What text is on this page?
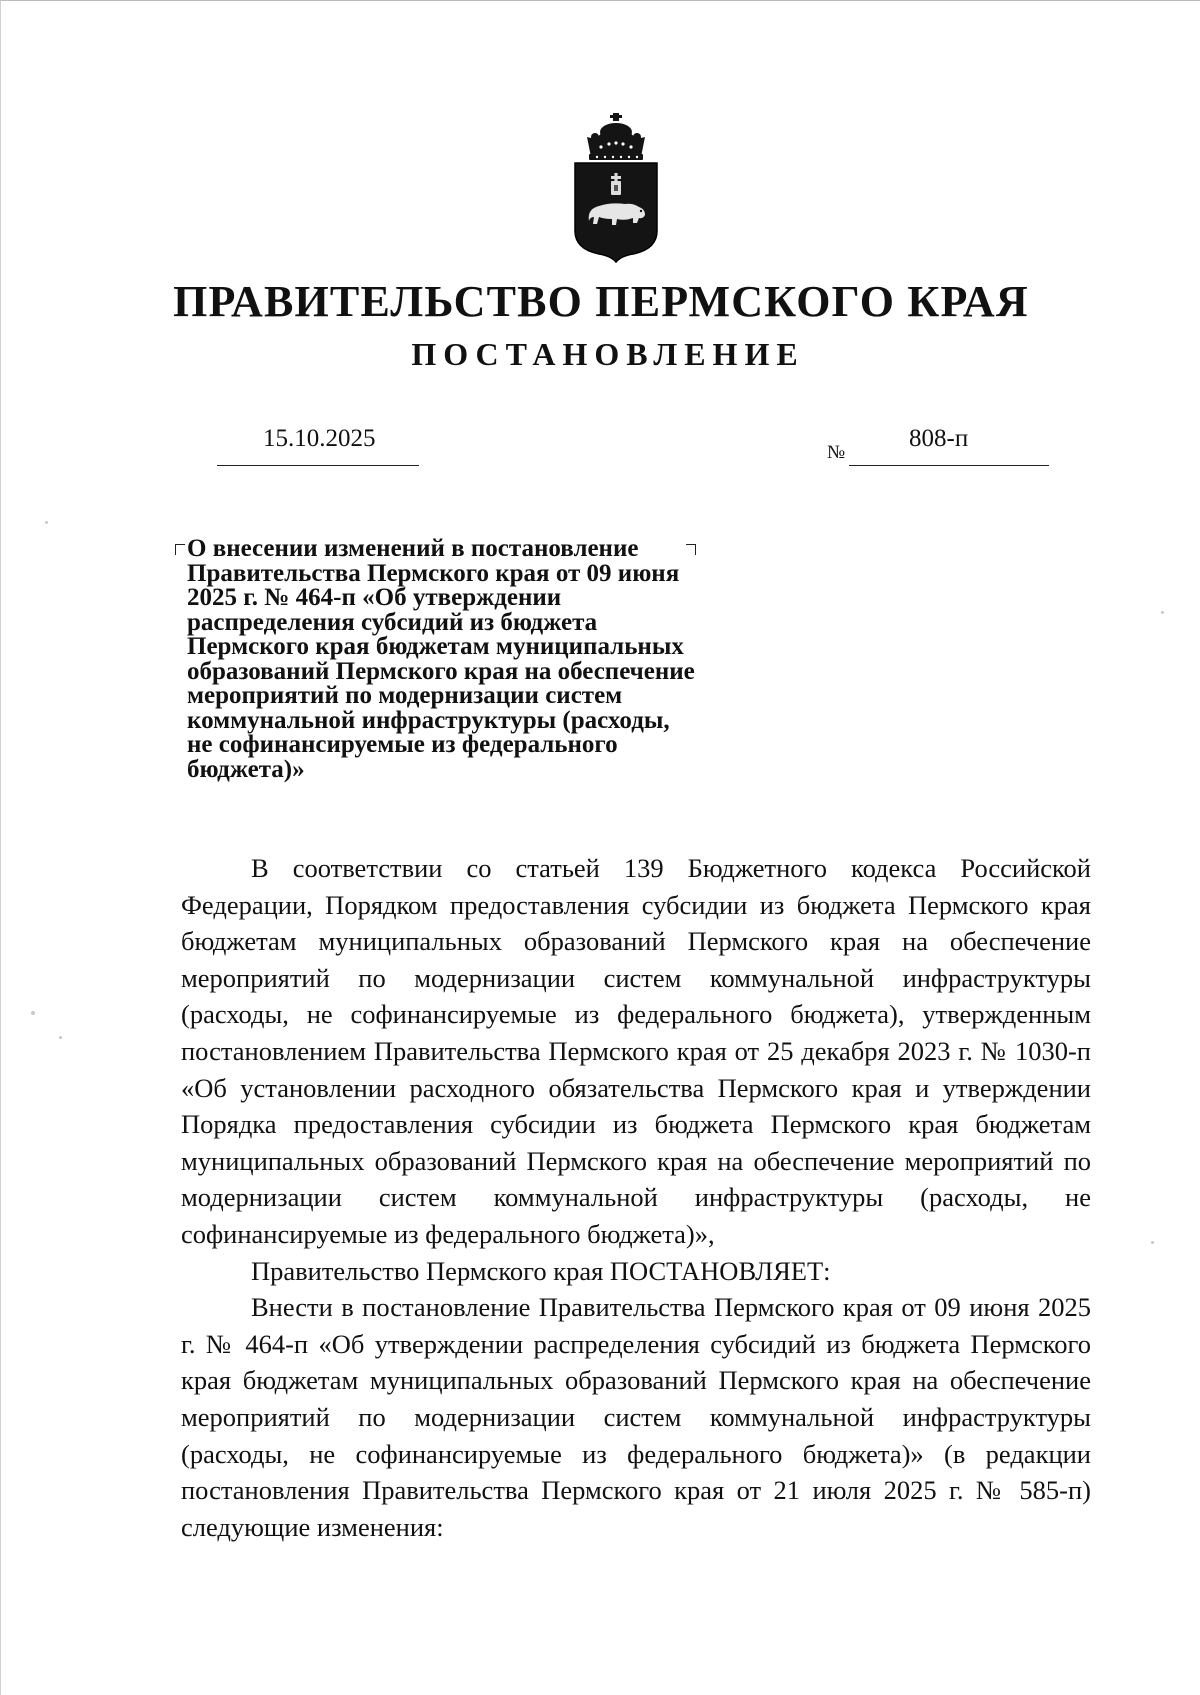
ПРАВИТЕЛЬСТВО ПЕРМСКОГО КРАЯ
ПОСТАНОВЛЕНИЕ
15.10.2025
№
808-п
О внесении изменений в постановление
Правительства Пермского края от 09 июня
2025 г. № 464-п «Об утверждении
распределения субсидий из бюджета
Пермского края бюджетам муниципальных
образований Пермского края на обеспечение
мероприятий по модернизации систем
коммунальной инфраструктуры (расходы,
не софинансируемые из федерального
бюджета)»

В соответствии со статьей 139 Бюджетного кодекса Российской Федерации, Порядком предоставления субсидии из бюджета Пермского края бюджетам муниципальных образований Пермского края на обеспечение мероприятий по модернизации систем коммунальной инфраструктуры (расходы, не софинансируемые из федерального бюджета), утвержденным постановлением Правительства Пермского края от 25 декабря 2023 г. № 1030-п «Об установлении расходного обязательства Пермского края и утверждении Порядка предоставления субсидии из бюджета Пермского края бюджетам муниципальных образований Пермского края на обеспечение мероприятий по модернизации систем коммунальной инфраструктуры (расходы, не софинансируемые из федерального бюджета)»,

Правительство Пермского края ПОСТАНОВЛЯЕТ:

Внести в постановление Правительства Пермского края от 09 июня 2025 г. № 464-п «Об утверждении распределения субсидий из бюджета Пермского края бюджетам муниципальных образований Пермского края на обеспечение мероприятий по модернизации систем коммунальной инфраструктуры (расходы, не софинансируемые из федерального бюджета)» (в редакции постановления Правительства Пермского края от 21 июля 2025 г. № 585-п) следующие изменения:
